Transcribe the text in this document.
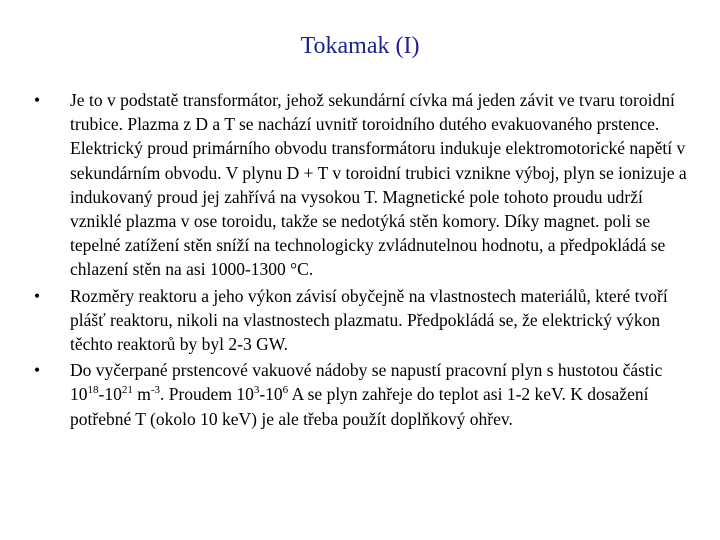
Tokamak (I)
•	Je to v podstatě transformátor, jehož sekundární cívka má jeden závit ve tvaru toroidní trubice. Plazma z D a T se nachází uvnitř toroidního dutého evakuovaného prstence. Elektrický proud primárního obvodu transformátoru indukuje elektromotorické napětí v sekundárním obvodu. V plynu D + T v toroidní trubici vznikne výboj, plyn se ionizuje a indukovaný proud jej zahřívá na vysokou T. Magnetické pole tohoto proudu udrží vzniklé plazma v ose toroidu, takže se nedotýká stěn komory. Díky magnet. poli se tepelné zatížení stěn sníží na technologicky zvládnutelnou hodnotu, a předpokládá se chlazení stěn na asi 1000-1300 °C.
•	Rozměry reaktoru a jeho výkon závisí obyčejně na vlastnostech materiálů, které tvoří plášť reaktoru, nikoli na vlastnostech plazmatu. Předpokládá se, že elektrický výkon těchto reaktorů by byl 2-3 GW.
•	Do vyčerpané prstencové vakuové nádoby se napustí pracovní plyn s hustotou částic $10^{18}-10^{21}$ $m^{-3}$. Proudem $10^3-10^6$ A se plyn zahřeje do teplot asi 1-2 keV. K dosažení potřebné T (okolo 10 keV) je ale třeba použít doplňkový ohřev.
